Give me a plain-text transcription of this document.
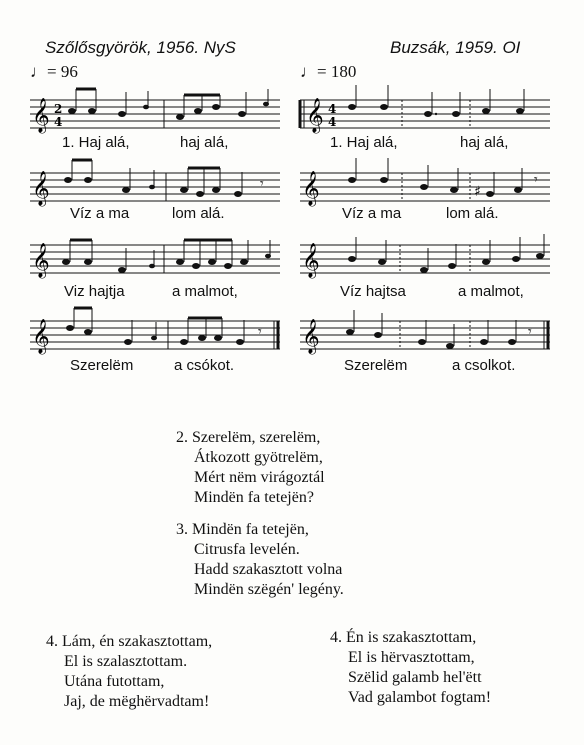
Szőlősgyörök, 1956. NyS	Buzsák, 1959. OI
♩= 96	♩= 180
𝄞 2
4
1. Haj alá,	haj alá,
𝄞	𝄾
Víz a ma	lom alá.
𝄞
Viz hajtja	a malmot,
𝄞	𝄾
Szerelëm	a csókot.
𝄞 4
4
1. Haj alá,	haj alá,
𝄞	♯
𝄾
Víz a ma	lom alá.
𝄞
Víz hajtsa	a malmot,
𝄞	𝄾
Szerelëm	a csolkot.
2. Szerelëm, szerelëm,
Átkozott gyötrelëm,
Mért nëm virágoztál
Mindën fa tetejën?
3. Mindën fa tetejën,
Citrusfa levelén.
Hadd szakasztott volna
Mindën szëgén' legény.
4. Lám, én szakasztottam,
El is szalasztottam.
Utána futottam,
Jaj, de mëghërvadtam!
4. Én is szakasztottam,
El is hërvasztottam,
Szëlid galamb hel'ëtt
Vad galambot fogtam!
